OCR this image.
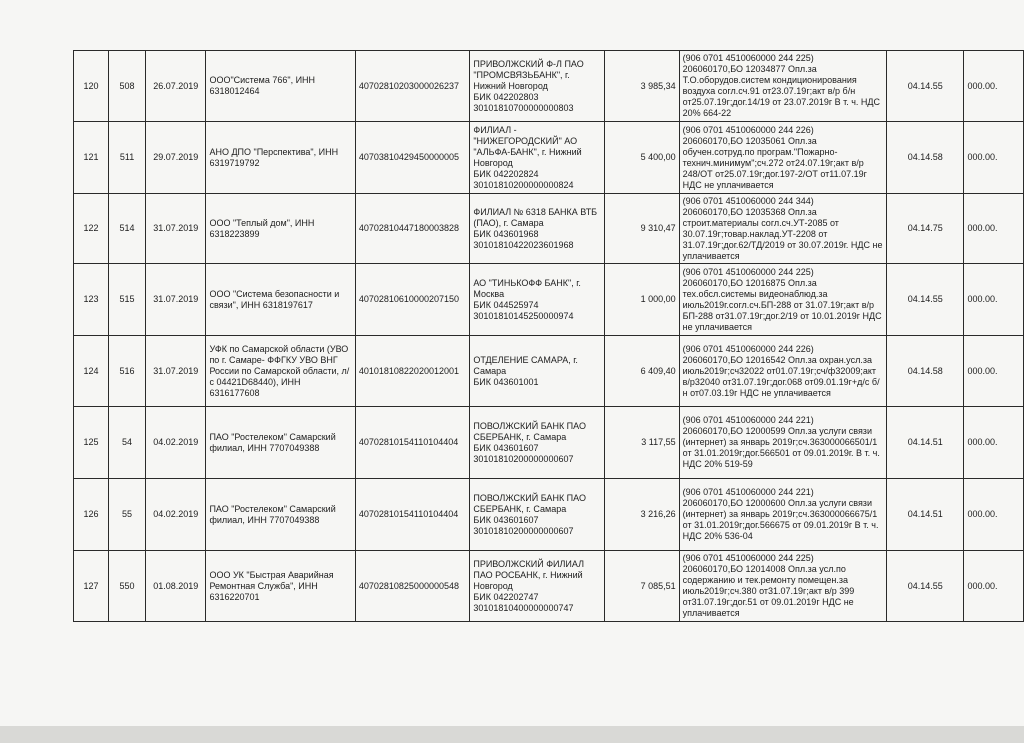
120	508	26.07.2019	ООО"Система 766", ИНН 6318012464	40702810203000026237	ПРИВОЛЖСКИЙ Ф-Л ПАО "ПРОМСВЯЗЬБАНК", г. Нижний Новгород
БИК 042202803
30101810700000000803	3 985,34	(906 0701 4510060000 244 225)
206060170,БО 12034877 Опл.за Т.О.оборудов.систем кондиционирования воздуха согл.сч.91 от23.07.19г;акт в/р б/н от25.07.19г;дог.14/19 от 23.07.2019г В т. ч. НДС 20% 664-22	04.14.55	000.00.
121	511	29.07.2019	АНО ДПО "Перспектива", ИНН 6319719792	40703810429450000005	ФИЛИАЛ - "НИЖЕГОРОДСКИЙ" АО "АЛЬФА-БАНК", г. Нижний Новгород
БИК 042202824
30101810200000000824	5 400,00	(906 0701 4510060000 244 226)
206060170,БО 12035061 Опл.за обучен.сотруд.по програм."Пожарно-технич.минимум";сч.272 от24.07.19г;акт в/р 248/ОТ от25.07.19г;дог.197-2/ОТ от11.07.19г НДС не уплачивается	04.14.58	000.00.
122	514	31.07.2019	ООО "Теплый дом", ИНН 6318223899	40702810447180003828	ФИЛИАЛ № 6318 БАНКА ВТБ (ПАО), г. Самара
БИК 043601968
30101810422023601968	9 310,47	(906 0701 4510060000 244 344)
206060170,БО 12035368 Опл.за строит.материалы согл.сч.УТ-2085 от 30.07.19г;товар.наклад.УТ-2208 от 31.07.19г;дог.62/ТД/2019 от 30.07.2019г. НДС не уплачивается	04.14.75	000.00.
123	515	31.07.2019	ООО "Система безопасности и связи", ИНН 6318197617	40702810610000207150	АО "ТИНЬКОФФ БАНК", г. Москва
БИК 044525974
30101810145250000974	1 000,00	(906 0701 4510060000 244 225)
206060170,БО 12016875 Опл.за тех.обсл.системы видеонаблюд.за июль2019г.согл.сч.БП-288 от 31.07.19г;акт в/р БП-288 от31.07.19г;дог.2/19 от 10.01.2019г НДС не уплачивается	04.14.55	000.00.
124	516	31.07.2019	УФК по Самарской области (УВО по г. Самаре- ФФГКУ УВО ВНГ России по Самарской области, л/с 04421D68440), ИНН 6316177608	40101810822020012001	ОТДЕЛЕНИЕ САМАРА, г. Самара
БИК 043601001	6 409,40	(906 0701 4510060000 244 226)
206060170,БО 12016542 Опл.за охран.усл.за июль2019г;сч32022 от01.07.19г;сч/ф32009;акт в/р32040 от31.07.19г;дог.068 от09.01.19г+д/с б/н от07.03.19г НДС не уплачивается	04.14.58	000.00.
125	54	04.02.2019	ПАО "Ростелеком" Самарский филиал, ИНН 7707049388	40702810154110104404	ПОВОЛЖСКИЙ БАНК ПАО СБЕРБАНК, г. Самара
БИК 043601607
30101810200000000607	3 117,55	(906 0701 4510060000 244 221)
206060170,БО 12000599 Опл.за услуги связи (интернет) за январь 2019г;сч.363000066501/1 от 31.01.2019г;дог.566501 от 09.01.2019г. В т. ч. НДС 20% 519-59	04.14.51	000.00.
126	55	04.02.2019	ПАО "Ростелеком" Самарский филиал, ИНН 7707049388	40702810154110104404	ПОВОЛЖСКИЙ БАНК ПАО СБЕРБАНК, г. Самара
БИК 043601607
30101810200000000607	3 216,26	(906 0701 4510060000 244 221)
206060170,БО 12000600 Опл.за услуги связи (интернет) за январь 2019г;сч.363000066675/1 от 31.01.2019г;дог.566675 от 09.01.2019г В т. ч. НДС 20% 536-04	04.14.51	000.00.
127	550	01.08.2019	ООО УК "Быстрая Аварийная Ремонтная Служба", ИНН 6316220701	40702810825000000548	ПРИВОЛЖСКИЙ ФИЛИАЛ ПАО РОСБАНК, г. Нижний Новгород
БИК 042202747
30101810400000000747	7 085,51	(906 0701 4510060000 244 225)
206060170,БО 12014008 Опл.за усл.по содержанию и тек.ремонту помещен.за июль2019г;сч.380 от31.07.19г;акт в/р 399 от31.07.19г;дог.51 от 09.01.2019г НДС не уплачивается	04.14.55	000.00.
